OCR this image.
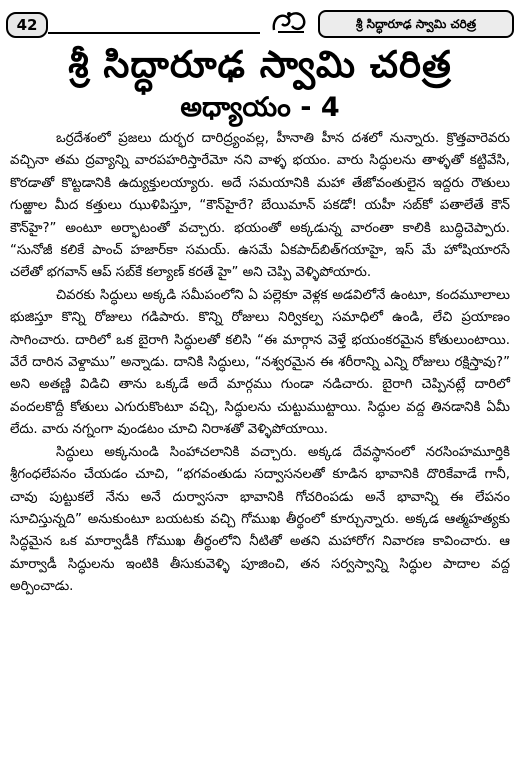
42	శ్రీ సిద్ధారూఢ స్వామి చరిత్ర
శ్రీ సిద్ధారూఢ స్వామి చరిత్ర
అధ్యాయం - 4

ఒర్రదేశంలో ప్రజలు దుర్భర దారిద్ర్యంవల్ల, హీనాతి హీన దశలో నున్నారు. క్రొత్తవారెవరు వచ్చినా తమ ద్రవ్యాన్ని వారపహరిస్తారేమో నని వాళ్ళ భయం. వారు సిద్ధులను తాళ్ళతో కట్టివేసి, కొరడాతో కొట్టడానికి ఉద్యుక్తులయ్యారు. అదే సమయానికి మహా తేజోవంతులైన ఇద్దరు రౌతులు గుఱ్ఱాల మీద కత్తులు ఝుళిపిస్తూ, “కౌన్‌హైరే? బేయిమాన్ పకడో! యహీ సబ్‌కో పతాలేతే కౌన్ కౌన్‌హై?” అంటూ అర్భాటంతో వచ్చారు. భయంతో అక్కడున్న వారంతా కాలికి బుద్ధిచెప్పారు. “సునోజీ కలికే పాంచ్ హజార్‌కా సమయ్. ఉసమే ఏకపాద్‌బిత్‌గయాహై, ఇస్ మే హోషియారసే చలేతో భగవాన్ ఆప్ సబ్‌కే కల్యాణ్ కరతే హై” అని చెప్పి వెళ్ళిపోయారు.

చివరకు సిద్ధులు అక్కడి సమీపంలోని ఏ పల్లెకూ వెళ్లక అడవిలోనే ఉంటూ, కందమూలాలు భుజిస్తూ కొన్ని రోజులు గడిపారు. కొన్ని రోజులు నిర్వికల్ప సమాధిలో ఉండి, లేచి ప్రయాణం సాగించారు. దారిలో ఒక బైరాగి సిద్ధులతో కలిసి “ఈ మార్గాన వెళ్తే భయంకరమైన కోతులుంటాయి. వేరే దారిన వెళ్దాము” అన్నాడు. దానికి సిద్ధులు, “నశ్వరమైన ఈ శరీరాన్ని ఎన్ని రోజులు రక్షిస్తావు?” అని అతణ్ణి విడిచి తాను ఒక్కడే అదే మార్గము గుండా నడిచారు. బైరాగి చెప్పినట్లే దారిలో వందలకొద్దీ కోతులు ఎగురుకొంటూ వచ్చి, సిద్ధులను చుట్టుముట్టాయి. సిద్ధుల వద్ద తినడానికి ఏమీ లేదు. వారు నగ్నంగా వుండటం చూచి నిరాశతో వెళ్ళిపోయాయి.

సిద్ధులు అక్కనుండి సింహాచలానికి వచ్చారు. అక్కడ దేవస్థానంలో నరసింహమూర్తికి శ్రీగంధలేపనం చేయడం చూచి, “భగవంతుడు సద్వాసనలతో కూడిన భావానికి దొరికేవాడే గానీ, చావు పుట్టుకలే నేను అనే దుర్వాసనా భావానికి గోచరింపడు అనే భావాన్ని ఈ లేపనం సూచిస్తున్నది” అనుకుంటూ బయటకు వచ్చి గోముఖ తీర్థంలో కూర్చున్నారు. అక్కడ ఆత్మహత్యకు సిద్ధమైన ఒక మార్వాడీకి గోముఖ తీర్థంలోని నీటితో అతని మహారోగ నివారణ కావించారు. ఆ మార్వాడీ సిద్ధులను ఇంటికి తీసుకువెళ్ళి పూజించి, తన సర్వస్వాన్ని సిద్ధుల పాదాల వద్ద అర్పించాడు.
